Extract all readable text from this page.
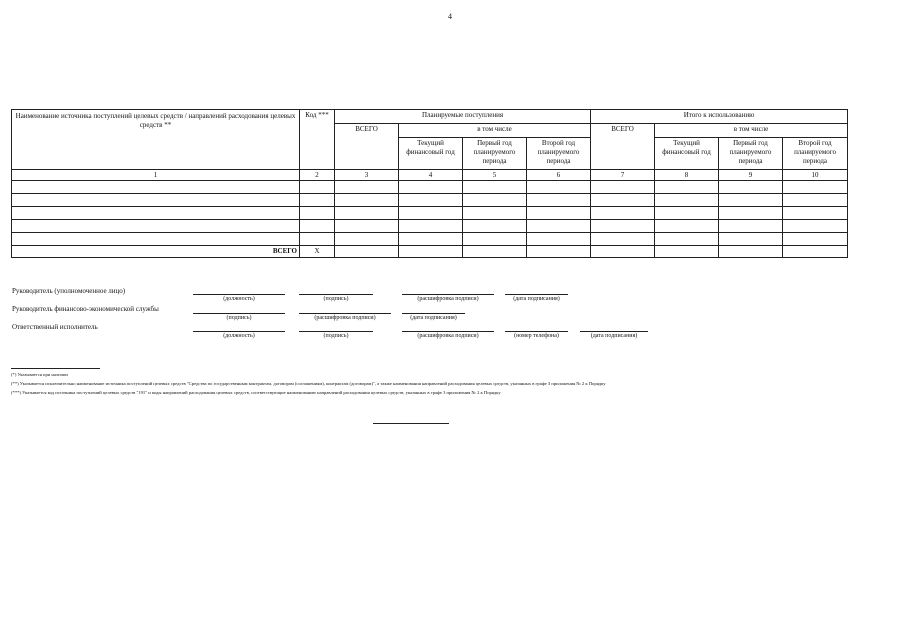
4
Наименование источника поступлений целевых средств / направлений расходования целевых средств **	Код ***	Планируемые поступления				Итого к использованию			
		ВСЕГО	в том числе			ВСЕГО	в том числе		
			Текущий финансовый год	Первый год планируемого периода	Второй год планируемого периода		Текущий финансовый год	Первый год планируемого периода	Второй год планируемого периода
1	2	3	4	5	6	7	8	9	10

ВСЕГО	X								
Руководитель (уполномоченное лицо)
(должность)	(подпись)	(расшифровка подписи)	(дата подписания)
Руководитель финансово-экономической службы
(подпись)	(расшифровка подписи)	(дата подписания)
Ответственный исполнитель
(должность)	(подпись)	(расшифровка подписи)	(номер телефона)	(дата подписания)
(*) Указывается при наличии
(**) Указывается исключительно наименование источника поступлений целевых средств "Средства по государственным контрактам, договорам (соглашениям), контрактам (договорам)", а также наименования направлений расходования целевых средств, указанных в графе 3 приложения № 2 к Порядку
(***) Указывается код источника поступлений целевых средств "191" и коды направлений расходования целевых средств, соответствующие наименованию направлений расходования целевых средств, указанных в графе 3 приложения № 2 к Порядку
